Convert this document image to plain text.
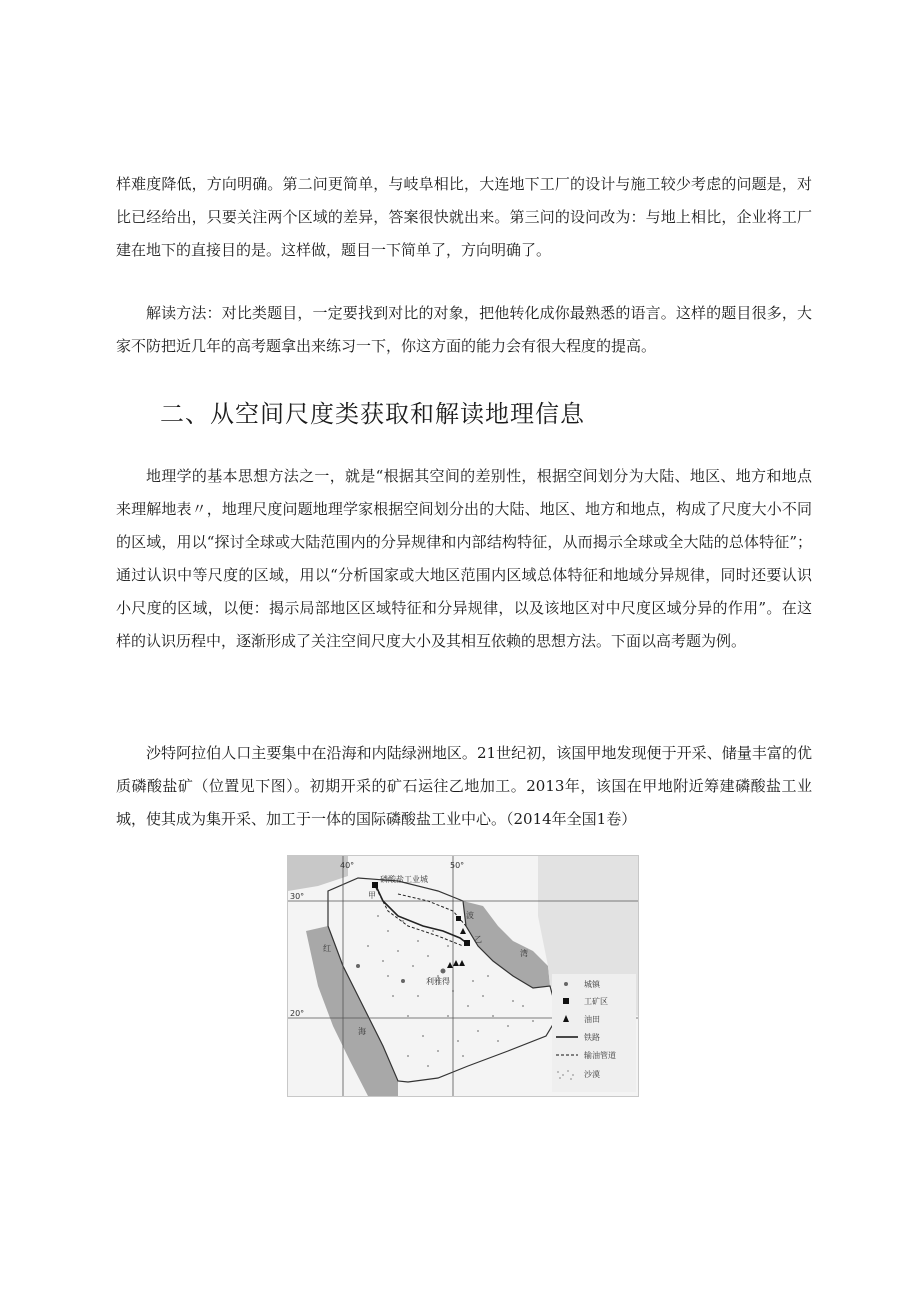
样难度降低，方向明确。第二问更简单，与岐阜相比，大连地下工厂的设计与施工较少考虑的问题是，对比已经给出，只要关注两个区域的差异，答案很快就出来。第三问的设问改为：与地上相比，企业将工厂建在地下的直接目的是。这样做，题目一下简单了，方向明确了。

解读方法：对比类题目，一定要找到对比的对象，把他转化成你最熟悉的语言。这样的题目很多，大家不防把近几年的高考题拿出来练习一下，你这方面的能力会有很大程度的提高。

二、从空间尺度类获取和解读地理信息

地理学的基本思想方法之一，就是“根据其空间的差别性，根据空间划分为大陆、地区、地方和地点来理解地表〃，地理尺度问题地理学家根据空间划分出的大陆、地区、地方和地点，构成了尺度大小不同的区域，用以“探讨全球或大陆范围内的分异规律和内部结构特征，从而揭示全球或全大陆的总体特征”；通过认识中等尺度的区域，用以“分析国家或大地区范围内区域总体特征和地域分异规律，同时还要认识小尺度的区域，以便：揭示局部地区区域特征和分异规律，以及该地区对中尺度区域分异的作用”。在这样的认识历程中，逐渐形成了关注空间尺度大小及其相互依赖的思想方法。下面以高考题为例。

沙特阿拉伯人口主要集中在沿海和内陆绿洲地区。21世纪初，该国甲地发现便于开采、储量丰富的优质磷酸盐矿（位置见下图）。初期开采的矿石运往乙地加工。2013年，该国在甲地附近筹建磷酸盐工业城，使其成为集开采、加工于一体的国际磷酸盐工业中心。（2014年全国1卷）

40°	50°
30°
20°
磷酸盐工业城
甲
乙
利雅得
红
海
波
湾
城镇
工矿区
油田
铁路
输油管道
沙漠
